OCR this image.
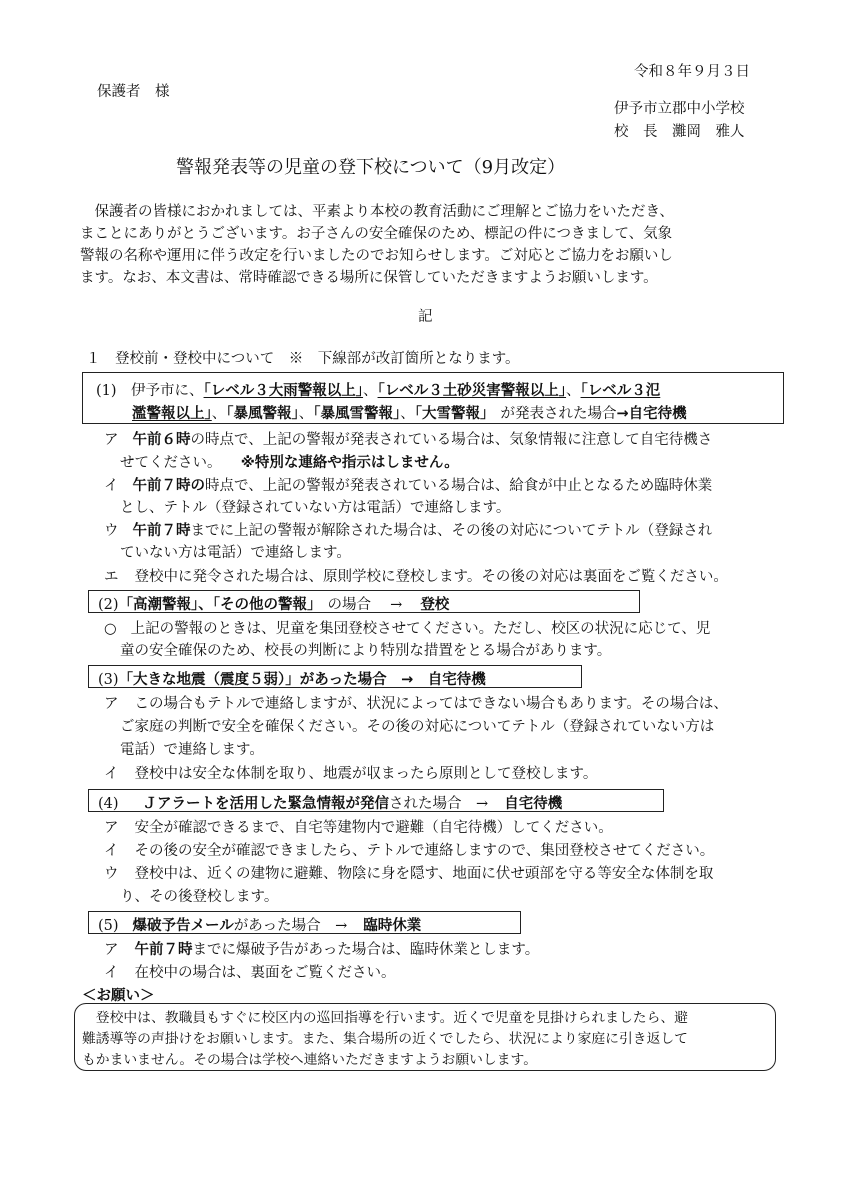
令和８年９月３日
保護者　様
伊予市立郡中小学校
校　長　灘岡　雅人
警報発表等の児童の登下校について（9月改定）
　保護者の皆様におかれましては、平素より本校の教育活動にご理解とご協力をいただき、
まことにありがとうございます。お子さんの安全確保のため、標記の件につきまして、気象
警報の名称や運用に伴う改定を行いましたのでお知らせします。ご対応とご協力をお願いし
ます。なお、本文書は、常時確認できる場所に保管していただきますようお願いします。
記
１　登校前・登校中について　※　下線部が改訂箇所となります。
(1)　伊予市に、「レベル３大雨警報以上」、「レベル３土砂災害警報以上」、「レベル３氾
濫警報以上」、「暴風警報」、「暴風雪警報」、「大雪警報」 が発表された場合→自宅待機
ア 午前６時の時点で、上記の警報が発表されている場合は、気象情報に注意して自宅待機さ
せてください。　※特別な連絡や指示はしません。
イ 午前７時の時点で、上記の警報が発表されている場合は、給食が中止となるため臨時休業
とし、テトル（登録されていない方は電話）で連絡します。
ウ 午前７時までに上記の警報が解除された場合は、その後の対応についてテトル（登録され
ていない方は電話）で連絡します。
エ 登校中に発令された場合は、原則学校に登校します。その後の対応は裏面をご覧ください。
(2)「高潮警報」、「その他の警報」 の場合　 → 登校
○ 上記の警報のときは、児童を集団登校させてください。ただし、校区の状況に応じて、児
童の安全確保のため、校長の判断により特別な措置をとる場合があります。
(3)「大きな地震（震度５弱）」があった場合　→　自宅待機
ア この場合もテトルで連絡しますが、状況によってはできない場合もあります。その場合は、
ご家庭の判断で安全を確保ください。その後の対応についてテトル（登録されていない方は
電話）で連絡します。
イ 登校中は安全な体制を取り、地震が収まったら原則として登校します。
(4) Ｊアラートを活用した緊急情報が発信された場合　→ 自宅待機
ア 安全が確認できるまで、自宅等建物内で避難（自宅待機）してください。
イ その後の安全が確認できましたら、テトルで連絡しますので、集団登校させてください。
ウ 登校中は、近くの建物に避難、物陰に身を隠す、地面に伏せ頭部を守る等安全な体制を取
り、その後登校します。
(5) 爆破予告メールがあった場合　→ 臨時休業
ア 午前７時までに爆破予告があった場合は、臨時休業とします。
イ 在校中の場合は、裏面をご覧ください。
＜お願い＞
　登校中は、教職員もすぐに校区内の巡回指導を行います。近くで児童を見掛けられましたら、避
難誘導等の声掛けをお願いします。また、集合場所の近くでしたら、状況により家庭に引き返して
もかまいません。その場合は学校へ連絡いただきますようお願いします。
